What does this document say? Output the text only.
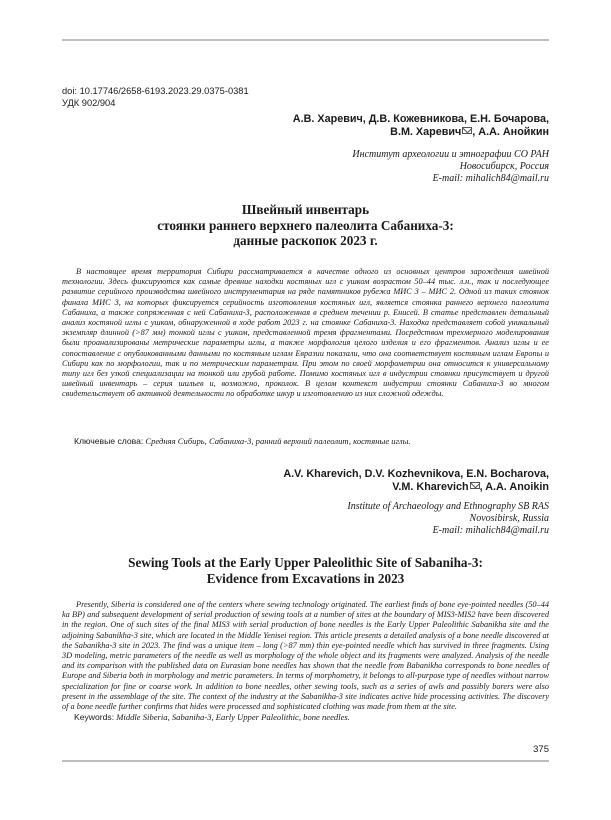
doi: 10.17746/2658-6193.2023.29.0375-0381
УДК 902/904
А.В. Харевич, Д.В. Кожевникова, Е.Н. Бочарова,
В.М. Харевич , А.А. Анойкин
Институт археологии и этнографии СО РАН
Новосибирск, Россия
E-mail: mihalich84@mail.ru
Швейный инвентарь
стоянки раннего верхнего палеолита Сабаниха-3:
данные раскопок 2023 г.

В настоящее время территория Сибири рассматривается в качестве одного из основных центров зарождения швейной технологии. Здесь фиксируются как самые древние находки костяных игл с ушком возрастом 50–44 тыс. л.н., так и последующее развитие серийного производства швейного инструментария на ряде памятников рубежа МИС 3 – МИС 2. Одной из таких стоянок финала МИС 3, на которых фиксируется серийность изготовления костяных игл, является стоянка раннего верхнего палеолита Сабаниха, а также сопряженная с ней Сабаниха-3, расположенная в среднем течении р. Енисей. В статье представлен детальный анализ костяной иглы с ушком, обнаруженной в ходе работ 2023 г. на стоянке Сабаниха-3. Находка представляет собой уникальный экземпляр длинной (>87 мм) тонкой иглы с ушком, представленной тремя фрагментами. Посредством трехмерного моделирования были проанализированы метрические параметры иглы, а также морфология целого изделия и его фрагментов. Анализ иглы и ее сопоставление с опубликованными данными по костяным иглам Евразии показали, что она соответствует костяным иглам Европы и Сибири как по морфологии, так и по метрическим параметрам. При этом по своей морфометрии она относится к универсальному типу игл без узкой специализации на тонкой или грубой работе. Помимо костяных игл в индустрии стоянки присутствует и другой швейный инвентарь – серия шильев и, возможно, проколок. В целом контекст индустрии стоянки Сабаниха-3 во многом свидетельствует об активной деятельности по обработке шкур и изготовлению из них сложной одежды.

Ключевые слова: Средняя Сибирь, Сабаниха-3, ранний верхний палеолит, костяные иглы.
A.V. Kharevich, D.V. Kozhevnikova, E.N. Bocharova,
V.M. Kharevich , A.A. Anoikin
Institute of Archaeology and Ethnography SB RAS
Novosibirsk, Russia
E-mail: mihalich84@mail.ru
Sewing Tools at the Early Upper Paleolithic Site of Sabaniha-3:
Evidence from Excavations in 2023

Presently, Siberia is considered one of the centers where sewing technology originated. The earliest finds of bone eye-pointed needles (50–44 ka BP) and subsequent development of serial production of sewing tools at a number of sites at the boundary of MIS3-MIS2 have been discovered in the region. One of such sites of the final MIS3 with serial production of bone needles is the Early Upper Paleolithic Sabanikha site and the adjoining Sabanikha-3 site, which are located in the Middle Yenisei region. This article presents a detailed analysis of a bone needle discovered at the Sabanikha-3 site in 2023. The find was a unique item – long (>87 mm) thin eye-pointed needle which has survived in three fragments. Using 3D modeling, metric parameters of the needle as well as morphology of the whole object and its fragments were analyzed. Analysis of the needle and its comparison with the published data on Eurasian bone needles has shown that the needle from Babanikha corresponds to bone needles of Europe and Siberia both in morphology and metric parameters. In terms of morphometry, it belongs to all-purpose type of needles without narrow specialization for fine or coarse work. In addition to bone needles, other sewing tools, such as a series of awls and possibly borers were also present in the assemblage of the site. The context of the industry at the Sabanikha-3 site indicates active hide processing activities. The discovery of a bone needle further confirms that hides were processed and sophisticated clothing was made from them at the site.

Keywords: Middle Siberia, Sabaniha-3, Early Upper Paleolithic, bone needles.
375
